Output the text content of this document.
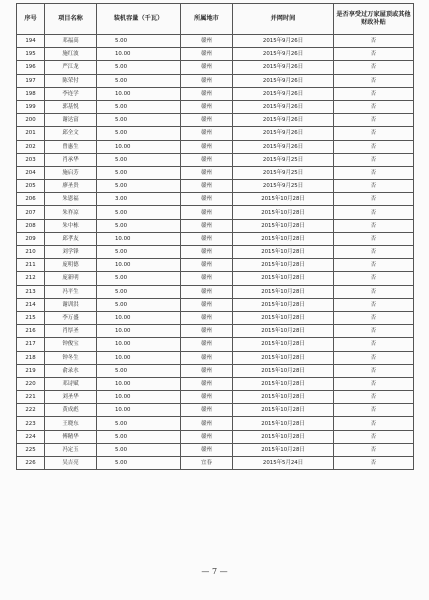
序号	项目名称	装机容量（千瓦）	所属地市	并网时间	是否享受过万家屋顶或其他财政补贴
194	邓福高	5.00	赣州	2015年9月26日	否
195	施红波	10.00	赣州	2015年9月26日	否
196	严江龙	5.00	赣州	2015年9月26日	否
197	陈荣付	5.00	赣州	2015年9月26日	否
198	李连学	10.00	赣州	2015年9月26日	否
199	郭基悦	5.00	赣州	2015年9月26日	否
200	谢达富	5.00	赣州	2015年9月26日	否
201	邱全文	5.00	赣州	2015年9月26日	否
202	曾惠生	10.00	赣州	2015年9月26日	否
203	肖承华	5.00	赣州	2015年9月25日	否
204	施启芳	5.00	赣州	2015年9月25日	否
205	廖圣贵	5.00	赣州	2015年9月25日	否
206	朱恩福	3.00	赣州	2015年10月28日	否
207	朱祚凉	5.00	赣州	2015年10月28日	否
208	朱中栋	5.00	赣州	2015年10月28日	否
209	邱孝友	10.00	赣州	2015年10月28日	否
210	刘学锋	5.00	赣州	2015年10月28日	否
211	庞明德	10.00	赣州	2015年10月28日	否
212	庞新明	5.00	赣州	2015年10月28日	否
213	冯平生	5.00	赣州	2015年10月28日	否
214	谢训洪	5.00	赣州	2015年10月28日	否
215	李万盛	10.00	赣州	2015年10月28日	否
216	肖厚圣	10.00	赣州	2015年10月28日	否
217	钟俊宝	10.00	赣州	2015年10月28日	否
218	钟冬生	10.00	赣州	2015年10月28日	否
219	俞录水	5.00	赣州	2015年10月28日	否
220	邓诗赋	10.00	赣州	2015年10月28日	否
221	刘圣华	10.00	赣州	2015年10月28日	否
222	黄成彪	10.00	赣州	2015年10月28日	否
223	王晓东	5.00	赣州	2015年10月28日	否
224	傅精华	5.00	赣州	2015年10月28日	否
225	冯定玉	5.00	赣州	2015年10月28日	否
226	吴吉亮	5.00	宜春	2015年5月24日	否
— 7 —
